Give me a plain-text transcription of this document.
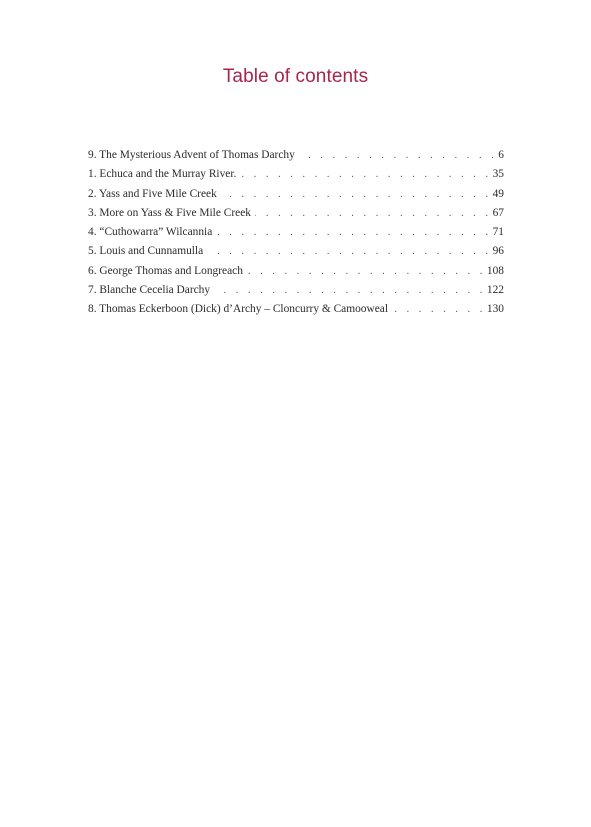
Table of contents
9. The Mysterious Advent of Thomas Darchy . . .	6
1. Echuca and the Murray River. . . .	35
2. Yass and Five Mile Creek . . .	49
3. More on Yass & Five Mile Creek . . .	67
4. “Cuthowarra” Wilcannia . . .	71
5. Louis and Cunnamulla . . .	96
6. George Thomas and Longreach . . .	108
7. Blanche Cecelia Darchy . . .	122
8. Thomas Eckerboon (Dick) d’Archy – Cloncurry & Camooweal . . .	130
